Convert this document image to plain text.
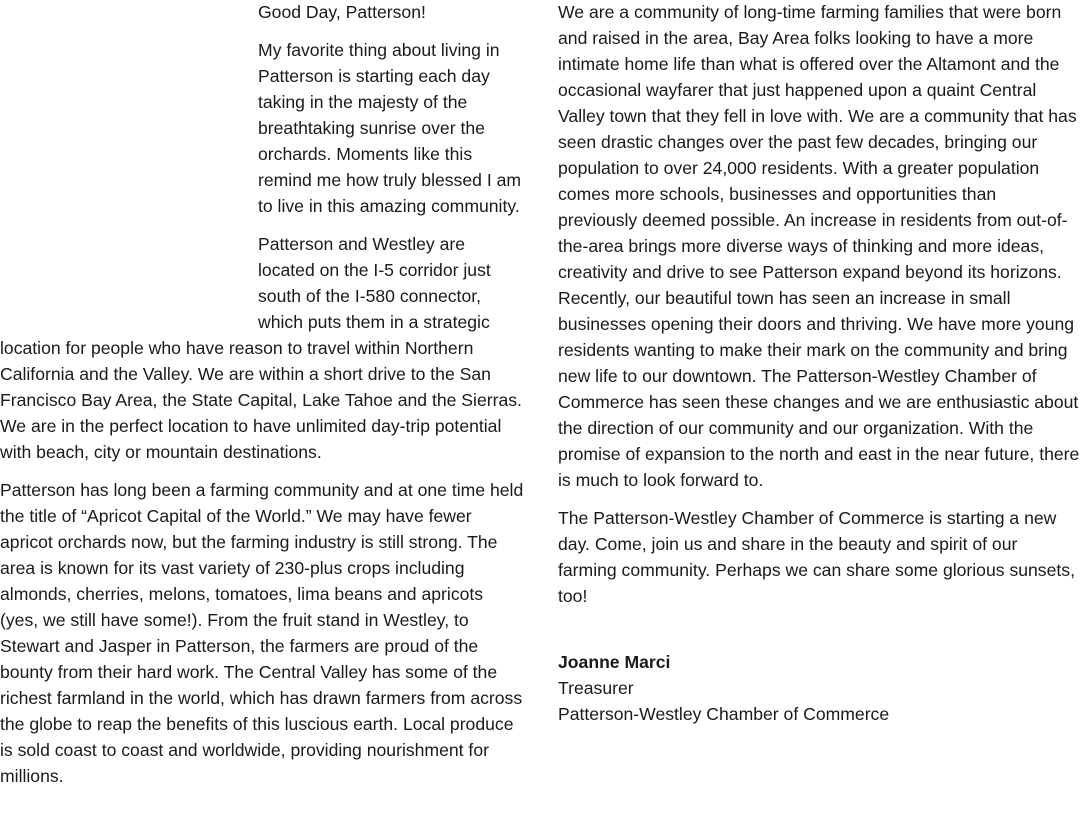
Good Day, Patterson!

My favorite thing about living in Patterson is starting each day taking in the majesty of the breathtaking sunrise over the orchards. Moments like this remind me how truly blessed I am to live in this amazing community.

Patterson and Westley are located on the I-5 corridor just south of the I-580 connector, which puts them in a strategic location for people who have reason to travel within Northern California and the Valley. We are within a short drive to the San Francisco Bay Area, the State Capital, Lake Tahoe and the Sierras. We are in the perfect location to have unlimited day-trip potential with beach, city or mountain destinations.

Patterson has long been a farming community and at one time held the title of “Apricot Capital of the World.” We may have fewer apricot orchards now, but the farming industry is still strong. The area is known for its vast variety of 230-plus crops including almonds, cherries, melons, tomatoes, lima beans and apricots (yes, we still have some!). From the fruit stand in Westley, to Stewart and Jasper in Patterson, the farmers are proud of the bounty from their hard work. The Central Valley has some of the richest farmland in the world, which has drawn farmers from across the globe to reap the benefits of this luscious earth. Local produce is sold coast to coast and worldwide, providing nourishment for millions.

We are a community of long-time farming families that were born and raised in the area, Bay Area folks looking to have a more intimate home life than what is offered over the Altamont and the occasional wayfarer that just happened upon a quaint Central Valley town that they fell in love with. We are a community that has seen drastic changes over the past few decades, bringing our population to over 24,000 residents. With a greater population comes more schools, businesses and opportunities than previously deemed possible. An increase in residents from out-of-the-area brings more diverse ways of thinking and more ideas, creativity and drive to see Patterson expand beyond its horizons. Recently, our beautiful town has seen an increase in small businesses opening their doors and thriving. We have more young residents wanting to make their mark on the community and bring new life to our downtown. The Patterson-Westley Chamber of Commerce has seen these changes and we are enthusiastic about the direction of our community and our organization. With the promise of expansion to the north and east in the near future, there is much to look forward to.

The Patterson-Westley Chamber of Commerce is starting a new day. Come, join us and share in the beauty and spirit of our farming community. Perhaps we can share some glorious sunsets, too!

Joanne Marci
Treasurer
Patterson-Westley Chamber of Commerce
